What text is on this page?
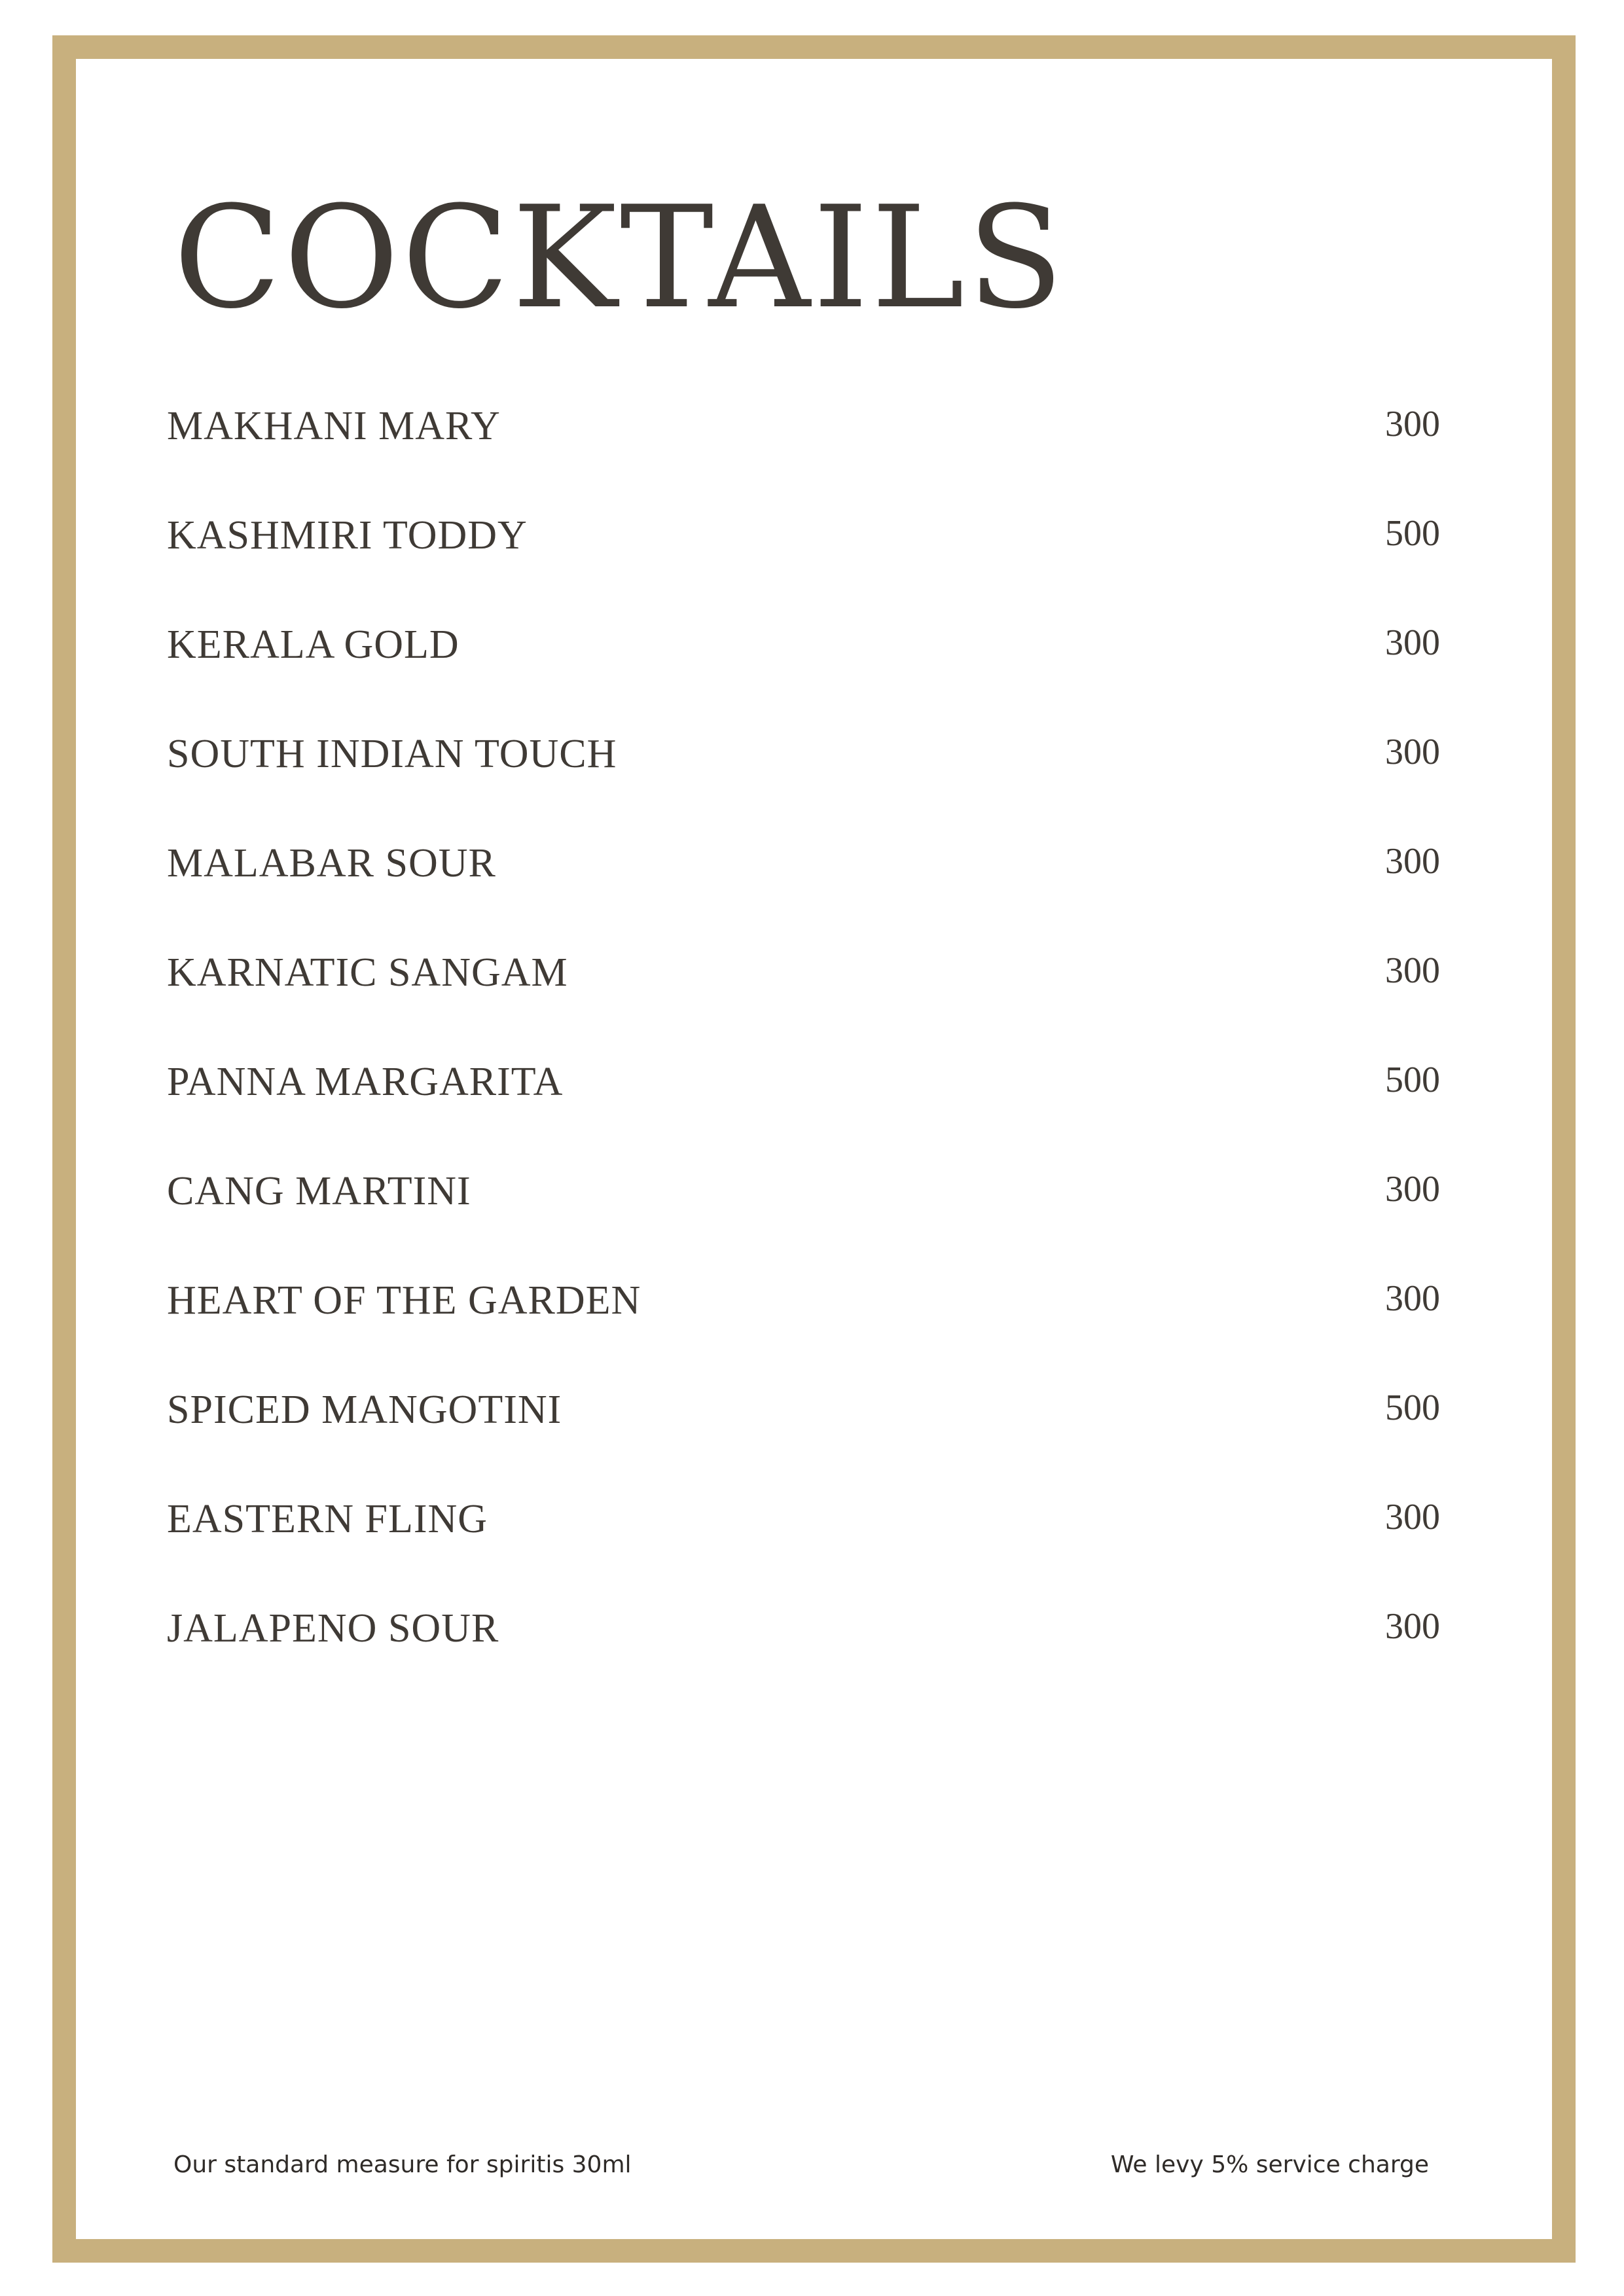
COCKTAILS
MAKHANI MARY	300
KASHMIRI TODDY	500
KERALA GOLD	300
SOUTH INDIAN TOUCH	300
MALABAR SOUR	300
KARNATIC SANGAM	300
PANNA MARGARITA	500
CANG MARTINI	300
HEART OF THE GARDEN	300
SPICED MANGOTINI	500
EASTERN FLING	300
JALAPENO SOUR	300
Our standard measure for spiritis 30ml	We levy 5% service charge
